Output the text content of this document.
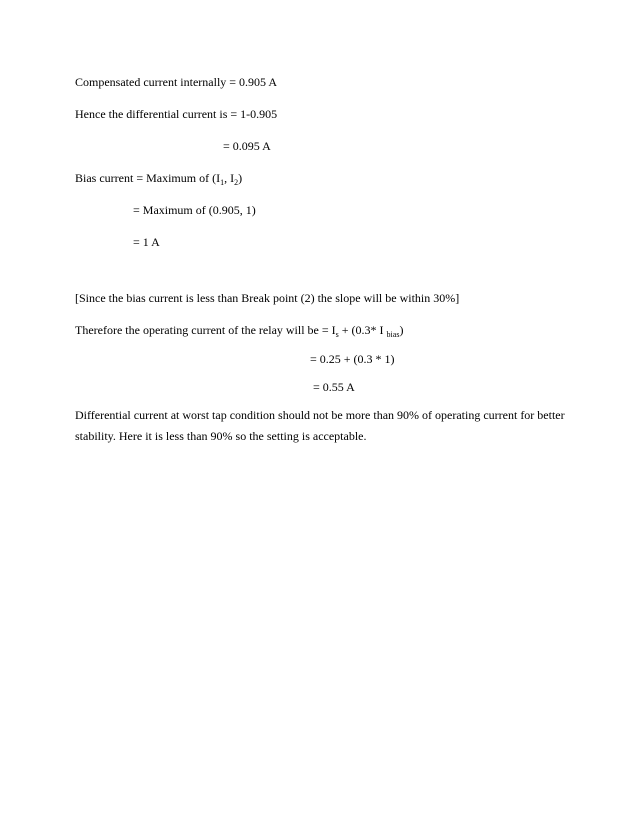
Compensated current internally = 0.905 A
Hence the differential current is = 1-0.905
= 0.095 A
Bias current = Maximum of ($I_1$, $I_2$)
= Maximum of (0.905, 1)
= 1 A
[Since the bias current is less than Break point (2) the slope will be within 30%]
Therefore the operating current of the relay will be = $I_s + (0.3*$ I $_{bias}$)
= 0.25 + (0.3 * 1)
= 0.55 A
Differential current at worst tap condition should not be more than 90% of operating current for better stability. Here it is less than 90% so the setting is acceptable.
